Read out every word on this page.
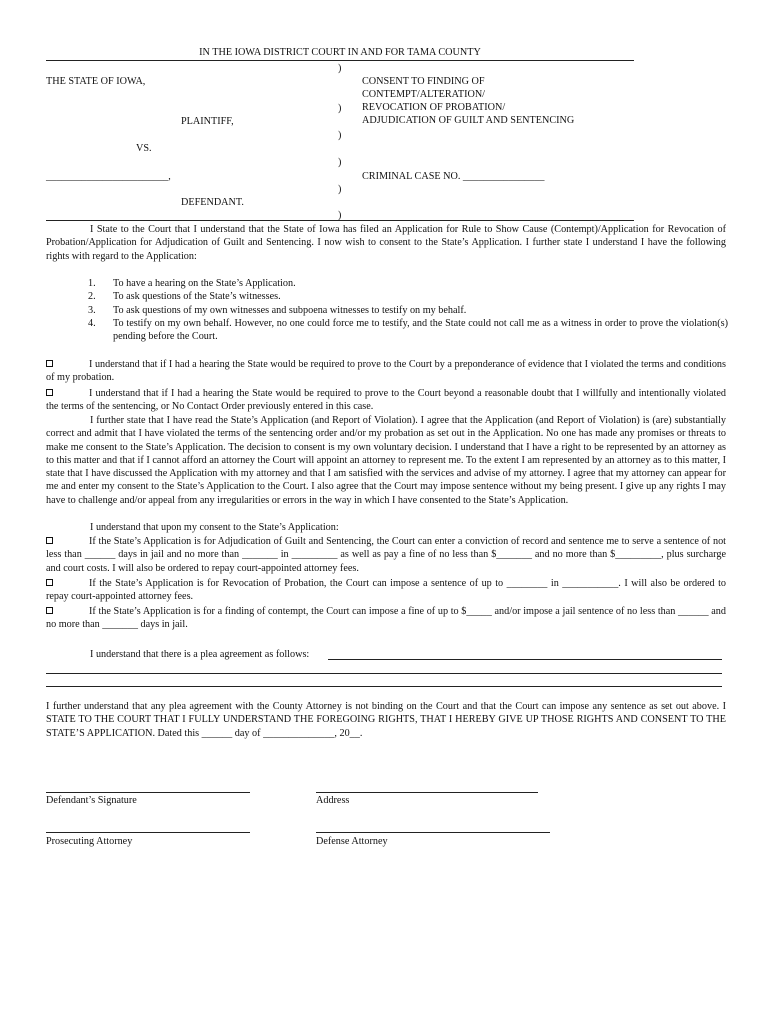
IN THE IOWA DISTRICT COURT IN AND FOR TAMA COUNTY
)
)
)
)
)
)
THE STATE OF IOWA,
PLAINTIFF,
VS.
________________________,
DEFENDANT.
CONSENT TO FINDING OF
CONTEMPT/ALTERATION/
REVOCATION OF PROBATION/
ADJUDICATION OF GUILT AND SENTENCING
CRIMINAL CASE NO. ________________
I State to the Court that I understand that the State of Iowa has filed an Application for Rule to Show Cause (Contempt)/Application for Revocation of Probation/Application for Adjudication of Guilt and Sentencing. I now wish to consent to the State’s Application. I further state I understand I have the following rights with regard to the Application:
1. To have a hearing on the State’s Application.
2. To ask questions of the State’s witnesses.
3. To ask questions of my own witnesses and subpoena witnesses to testify on my behalf.
4. To testify on my own behalf. However, no one could force me to testify, and the State could not call me as a witness in order to prove the violation(s) pending before the Court.
I understand that if I had a hearing the State would be required to prove to the Court by a preponderance of evidence that I violated the terms and conditions of my probation.
I understand that if I had a hearing the State would be required to prove to the Court beyond a reasonable doubt that I willfully and intentionally violated the terms of the sentencing, or No Contact Order previously entered in this case.
I further state that I have read the State’s Application (and Report of Violation). I agree that the Application (and Report of Violation) is (are) substantially correct and admit that I have violated the terms of the sentencing order and/or my probation as set out in the Application. No one has made any promises or threats to make me consent to the State’s Application. The decision to consent is my own voluntary decision. I understand that I have a right to be represented by an attorney as to this matter and that if I cannot afford an attorney the Court will appoint an attorney to represent me. To the extent I am represented by an attorney as to this matter, I state that I have discussed the Application with my attorney and that I am satisfied with the services and advise of my attorney. I agree that my attorney can appear for me and enter my consent to the State’s Application to the Court. I also agree that the Court may impose sentence without my being present. I give up any rights I may have to challenge and/or appeal from any irregularities or errors in the way in which I have consented to the State’s Application.
I understand that upon my consent to the State’s Application:
If the State’s Application is for Adjudication of Guilt and Sentencing, the Court can enter a conviction of record and sentence me to serve a sentence of not less than ______ days in jail and no more than _______ in _________ as well as pay a fine of no less than $_______ and no more than $_________, plus surcharge and court costs. I will also be ordered to repay court-appointed attorney fees.
If the State’s Application is for Revocation of Probation, the Court can impose a sentence of up to ________ in ___________. I will also be ordered to repay court-appointed attorney fees.
If the State’s Application is for a finding of contempt, the Court can impose a fine of up to $_____ and/or impose a jail sentence of no less than ______ and no more than _______ days in jail.
I understand that there is a plea agreement as follows:
I further understand that any plea agreement with the County Attorney is not binding on the Court and that the Court can impose any sentence as set out above. I STATE TO THE COURT THAT I FULLY UNDERSTAND THE FOREGOING RIGHTS, THAT I HEREBY GIVE UP THOSE RIGHTS AND CONSENT TO THE STATE’S APPLICATION. Dated this ______ day of ______________, 20__.
Defendant’s Signature	Address
Prosecuting Attorney	Defense Attorney
